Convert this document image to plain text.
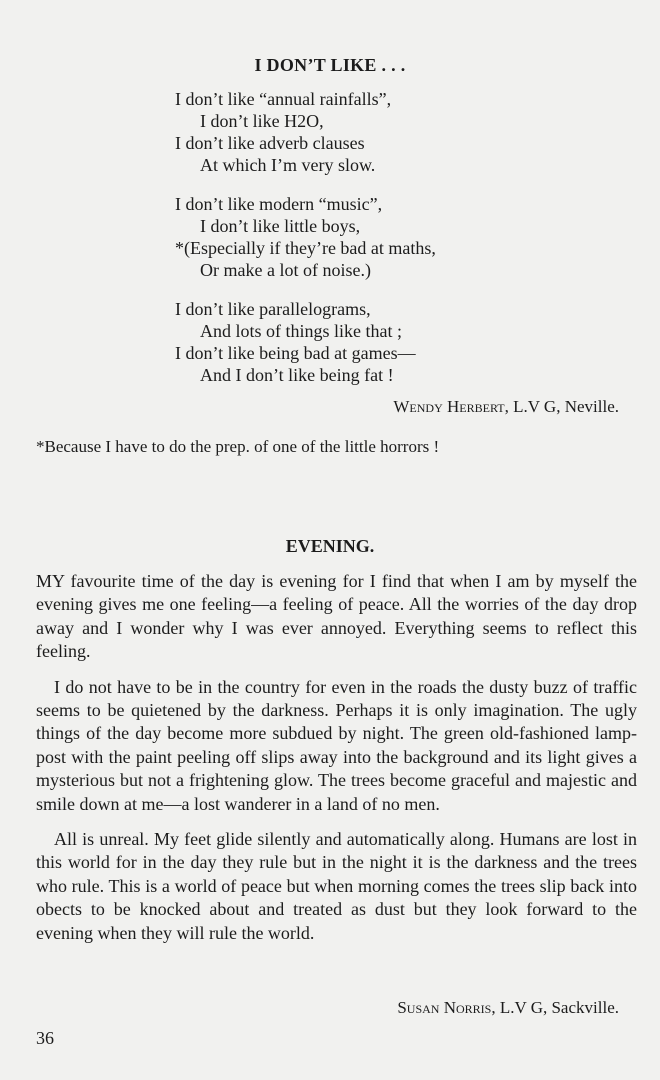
I DON’T LIKE . . .
I don’t like “annual rainfalls”,
I don’t like H2O,
I don’t like adverb clauses
At which I’m very slow.
I don’t like modern “music”,
I don’t like little boys,
*(Especially if they’re bad at maths,
Or make a lot of noise.)
I don’t like parallelograms,
And lots of things like that ;
I don’t like being bad at games—
And I don’t like being fat !
Wendy Herbert, L.V G, Neville.
*Because I have to do the prep. of one of the little horrors !
EVENING.

MY favourite time of the day is evening for I find that when I am by myself the evening gives me one feeling—a feeling of peace. All the worries of the day drop away and I wonder why I was ever annoyed. Everything seems to reflect this feeling.

I do not have to be in the country for even in the roads the dusty buzz of traffic seems to be quietened by the darkness. Perhaps it is only imagination. The ugly things of the day become more subdued by night. The green old-fashioned lamp-post with the paint peeling off slips away into the background and its light gives a mysterious but not a frightening glow. The trees become graceful and majestic and smile down at me—a lost wanderer in a land of no men.

All is unreal. My feet glide silently and automatically along. Humans are lost in this world for in the day they rule but in the night it is the darkness and the trees who rule. This is a world of peace but when morning comes the trees slip back into obects to be knocked about and treated as dust but they look forward to the evening when they will rule the world.

Susan Norris, L.V G, Sackville.
36
